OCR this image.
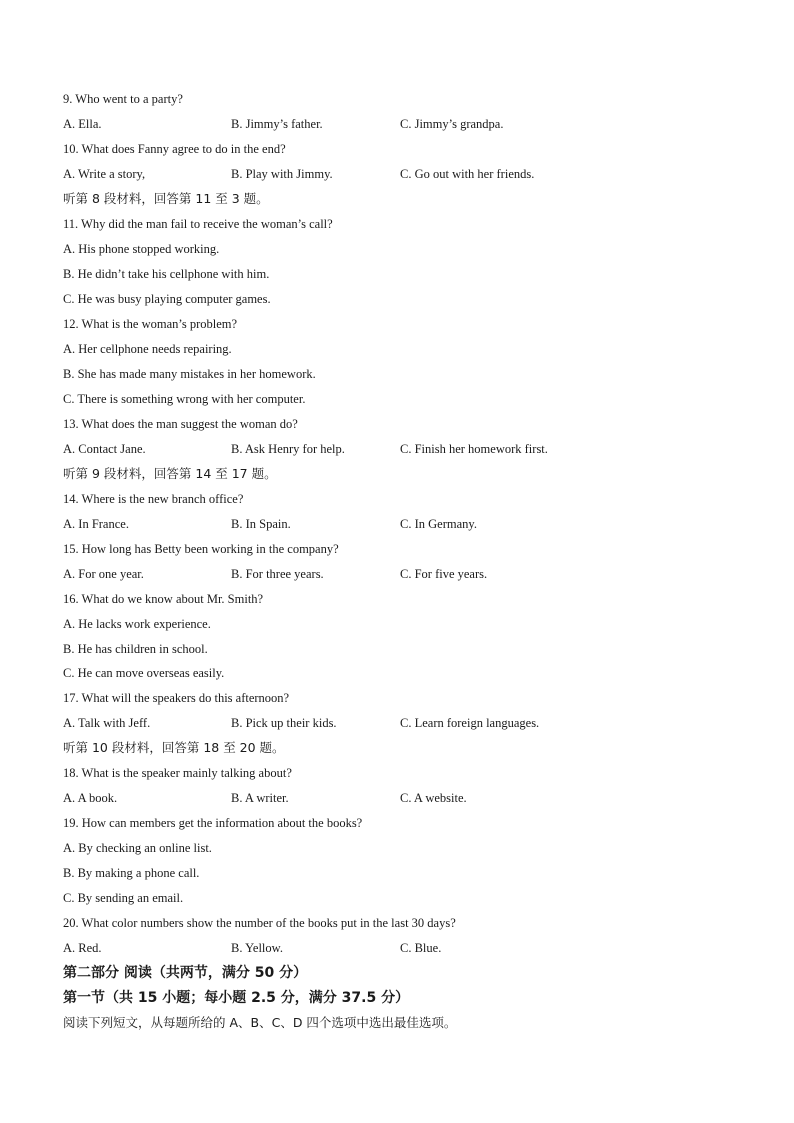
9. Who went to a party?
A. Ella.	B. Jimmy’s father.	C. Jimmy’s grandpa.
10. What does Fanny agree to do in the end?
A. Write a story,	B. Play with Jimmy.	C. Go out with her friends.
听第 8 段材料，回答第 11 至 3 题。
11. Why did the man fail to receive the woman’s call?
A. His phone stopped working.
B. He didn’t take his cellphone with him.
C. He was busy playing computer games.
12. What is the woman’s problem?
A. Her cellphone needs repairing.
B. She has made many mistakes in her homework.
C. There is something wrong with her computer.
13. What does the man suggest the woman do?
A. Contact Jane.	B. Ask Henry for help.	C. Finish her homework first.
听第 9 段材料，回答第 14 至 17 题。
14. Where is the new branch office?
A. In France.	B. In Spain.	C. In Germany.
15. How long has Betty been working in the company?
A. For one year.	B. For three years.	C. For five years.
16. What do we know about Mr. Smith?
A. He lacks work experience.
B. He has children in school.
C. He can move overseas easily.
17. What will the speakers do this afternoon?
A. Talk with Jeff.	B. Pick up their kids.	C. Learn foreign languages.
听第 10 段材料，回答第 18 至 20 题。
18. What is the speaker mainly talking about?
A. A book.	B. A writer.	C. A website.
19. How can members get the information about the books?
A. By checking an online list.
B. By making a phone call.
C. By sending an email.
20. What color numbers show the number of the books put in the last 30 days?
A. Red.	B. Yellow.	C. Blue.
第二部分 阅读（共两节，满分 50 分）
第一节（共 15 小题；每小题 2.5 分，满分 37.5 分）
阅读下列短文，从每题所给的 A、B、C、D 四个选项中选出最佳选项。
